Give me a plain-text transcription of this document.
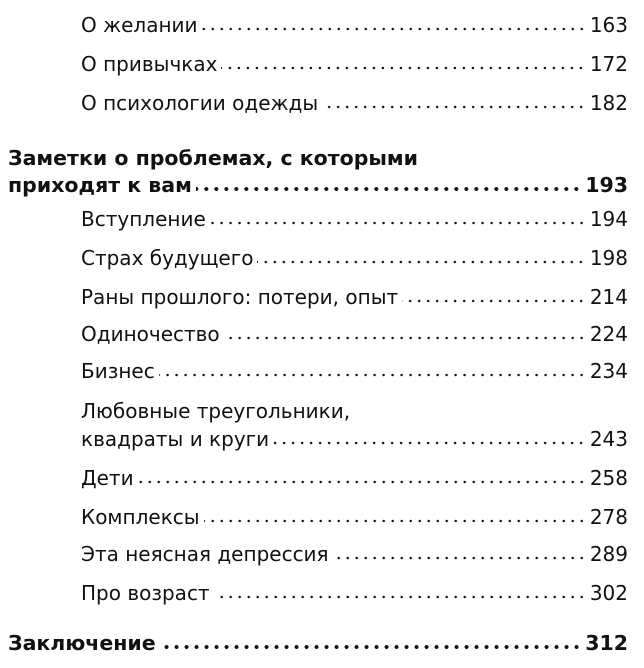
О желании	163
О привычках	172
О психологии одежды	182
Заметки о проблемах, с которыми
приходят к вам	193
Вступление	194
Страх будущего	198
Раны прошлого: потери, опыт	214
Одиночество	224
Бизнес	234
Любовные треугольники,
квадраты и круги	243
Дети	258
Комплексы	278
Эта неясная депрессия	289
Про возраст	302
Заключение	312
